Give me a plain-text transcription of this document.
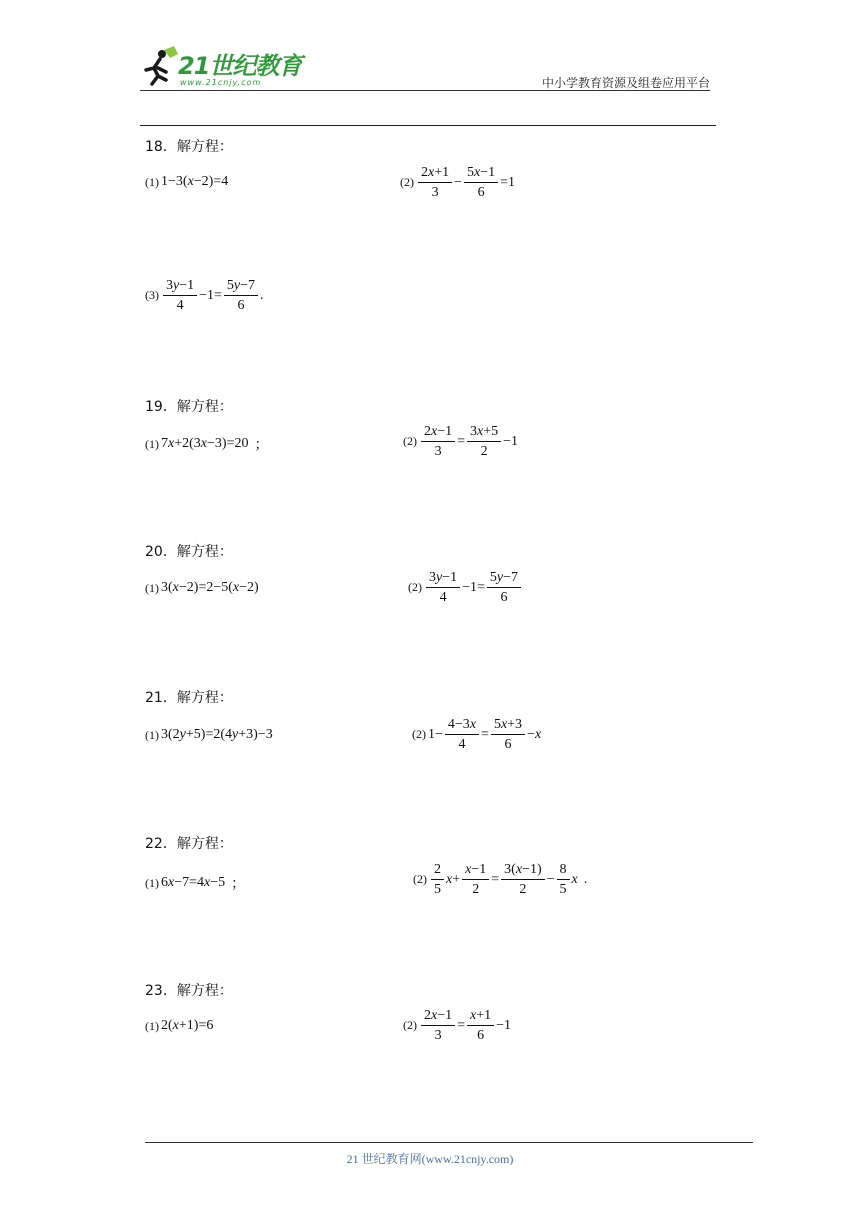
21世纪教育
www.21cnjy.com	中小学教育资源及组卷应用平台
18．解方程：
(1) 1−3(x−2)=4	$(2) \frac{2x+1}{3} - \frac{5x-1}{6} =1$
$(3) \frac{3y-1}{4} -1= \frac{5y-7}{6}$ .
19．解方程：
(1) 7x+2(3x−3)=20 ；	$(2) \frac{2x-1}{3} = \frac{3x+5}{2} -1$
20．解方程：
(1) 3(x−2)=2−5(x−2)	$(2) \frac{3y-1}{4} -1= \frac{5y-7}{6}$
21．解方程：
(1) 3(2y+5)=2(4y+3)−3	(2) $1- \frac{4-3x}{4} = \frac{5x+3}{6} -x$
22．解方程：
(1) 6x−7=4x−5 ；	$(2) \frac{2}{5} x+ \frac{x-1}{2} = \frac{3(x-1)}{2} - \frac{8}{5}$ x .
23．解方程：
(1) 2(x+1)=6	$(2) \frac{2x-1}{3} = \frac{x+1}{6} -1$
21 世纪教育网(www.21cnjy.com)
